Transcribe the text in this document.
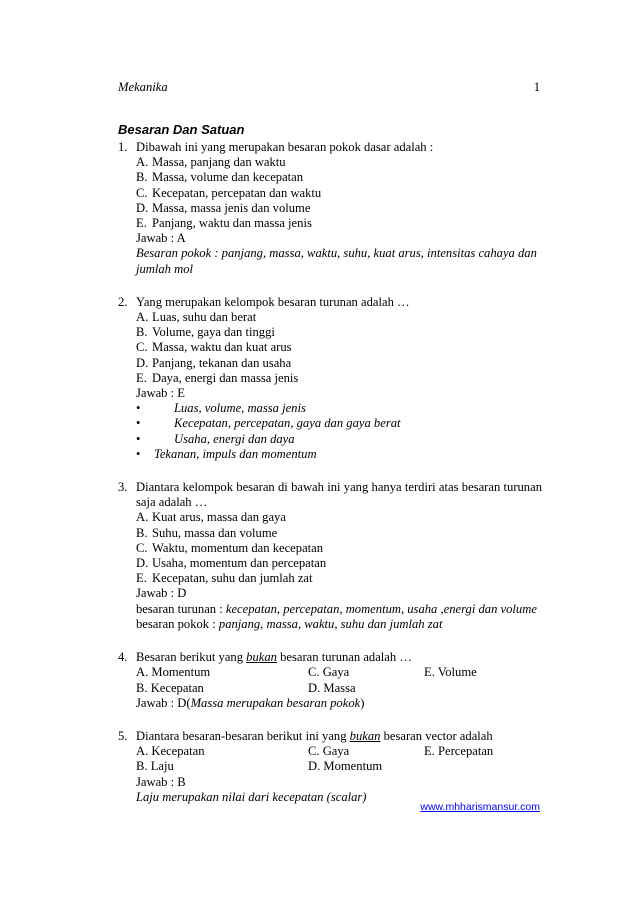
Mekanika	1
Besaran Dan Satuan
1. Dibawah ini yang merupakan besaran pokok dasar adalah :
A. Massa, panjang dan waktu
B. Massa, volume dan kecepatan
C. Kecepatan, percepatan dan waktu
D. Massa, massa jenis dan volume
E. Panjang, waktu dan massa jenis
Jawab : A
Besaran pokok : panjang, massa, waktu, suhu, kuat arus, intensitas cahaya dan jumlah mol
2. Yang merupakan kelompok besaran turunan adalah …
A. Luas, suhu dan berat
B. Volume, gaya dan tinggi
C. Massa, waktu dan kuat arus
D. Panjang, tekanan dan usaha
E. Daya, energi dan massa jenis
Jawab : E
•	Luas, volume, massa jenis
•	Kecepatan, percepatan, gaya dan gaya berat
•	Usaha, energi dan daya
•	Tekanan, impuls dan momentum
3. Diantara kelompok besaran di bawah ini yang hanya terdiri atas besaran turunan saja adalah …
A. Kuat arus, massa dan gaya
B. Suhu, massa dan volume
C. Waktu, momentum dan kecepatan
D. Usaha, momentum dan percepatan
E. Kecepatan, suhu dan jumlah zat
Jawab : D
besaran turunan : kecepatan, percepatan, momentum, usaha ,energi dan volume
besaran pokok : panjang, massa, waktu, suhu dan jumlah zat
4. Besaran berikut yang bukan besaran turunan adalah …
A. Momentum	C. Gaya	E. Volume
B. Kecepatan	D. Massa
Jawab : D(Massa merupakan besaran pokok)
5. Diantara besaran-besaran berikut ini yang bukan besaran vector adalah
A. Kecepatan	C. Gaya	E. Percepatan
B. Laju	D. Momentum
Jawab : B
Laju merupakan nilai dari kecepatan (scalar)
www.mhharismansur.com
